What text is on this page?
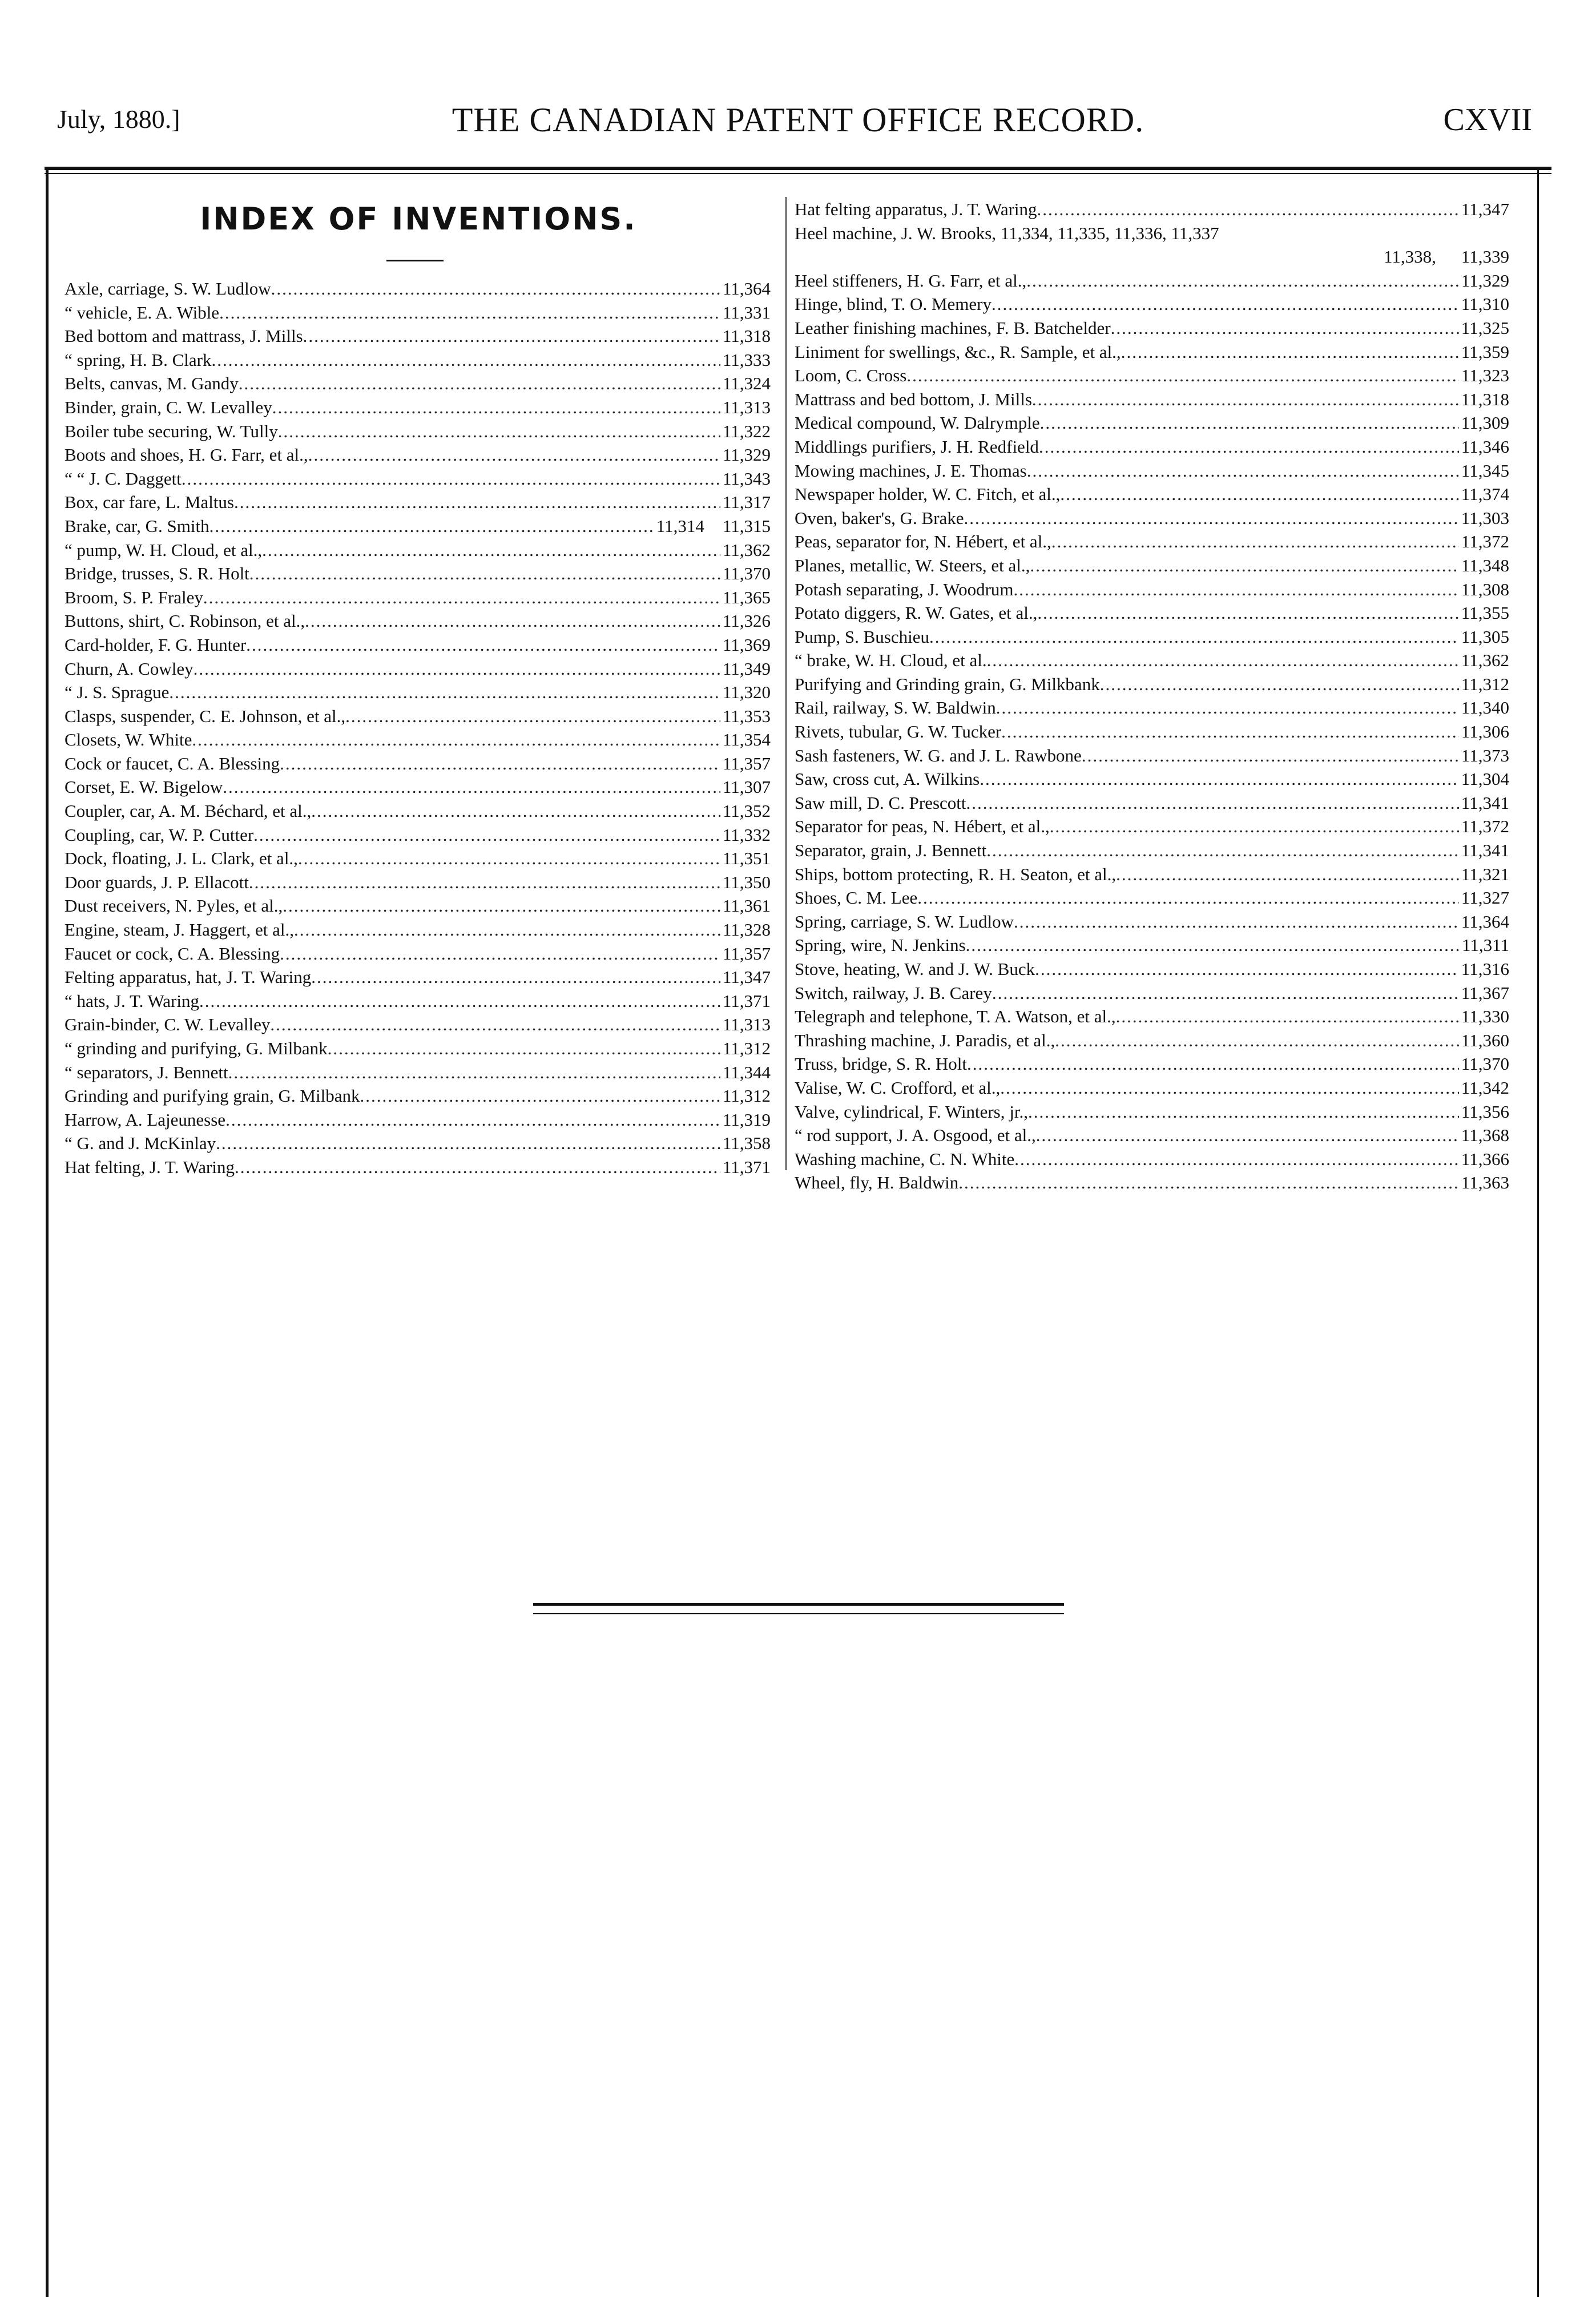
July, 1880.]	THE CANADIAN PATENT OFFICE RECORD.	CXVII
INDEX OF INVENTIONS.
Axle, carriage, S. W. Ludlow .....	11,364
“ vehicle, E. A. Wible .....	11,331
Bed bottom and mattrass, J. Mills .....	11,318
“ spring, H. B. Clark .....	11,333
Belts, canvas, M. Gandy .....	11,324
Binder, grain, C. W. Levalley .....	11,313
Boiler tube securing, W. Tully .....	11,322
Boots and shoes, H. G. Farr, et al., .....	11,329
“ “ J. C. Daggett .....	11,343
Box, car fare, L. Maltus .....	11,317
Brake, car, G. Smith .....	11,314	11,315
“ pump, W. H. Cloud, et al., .....	11,362
Bridge, trusses, S. R. Holt .....	11,370
Broom, S. P. Fraley .....	11,365
Buttons, shirt, C. Robinson, et al., .....	11,326
Card-holder, F. G. Hunter .....	11,369
Churn, A. Cowley .....	11,349
“ J. S. Sprague .....	11,320
Clasps, suspender, C. E. Johnson, et al., .....	11,353
Closets, W. White .....	11,354
Cock or faucet, C. A. Blessing .....	11,357
Corset, E. W. Bigelow .....	11,307
Coupler, car, A. M. Béchard, et al., .....	11,352
Coupling, car, W. P. Cutter .....	11,332
Dock, floating, J. L. Clark, et al., .....	11,351
Door guards, J. P. Ellacott .....	11,350
Dust receivers, N. Pyles, et al., .....	11,361
Engine, steam, J. Haggert, et al., .....	11,328
Faucet or cock, C. A. Blessing .....	11,357
Felting apparatus, hat, J. T. Waring .....	11,347
“ hats, J. T. Waring .....	11,371
Grain-binder, C. W. Levalley .....	11,313
“ grinding and purifying, G. Milbank .....	11,312
“ separators, J. Bennett .....	11,344
Grinding and purifying grain, G. Milbank .....	11,312
Harrow, A. Lajeunesse .....	11,319
“ G. and J. McKinlay .....	11,358
Hat felting, J. T. Waring .....	11,371
Hat felting apparatus, J. T. Waring .....	11,347
Heel machine, J. W. Brooks, 11,334, 11,335, 11,336, 11,337
11,338, 11,339
Heel stiffeners, H. G. Farr, et al., .....	11,329
Hinge, blind, T. O. Memery .....	11,310
Leather finishing machines, F. B. Batchelder .....	11,325
Liniment for swellings, &c., R. Sample, et al., .....	11,359
Loom, C. Cross .....	11,323
Mattrass and bed bottom, J. Mills .....	11,318
Medical compound, W. Dalrymple .....	11,309
Middlings purifiers, J. H. Redfield .....	11,346
Mowing machines, J. E. Thomas .....	11,345
Newspaper holder, W. C. Fitch, et al., .....	11,374
Oven, baker's, G. Brake .....	11,303
Peas, separator for, N. Hébert, et al., .....	11,372
Planes, metallic, W. Steers, et al., .....	11,348
Potash separating, J. Woodrum .....	11,308
Potato diggers, R. W. Gates, et al., .....	11,355
Pump, S. Buschieu .....	11,305
“ brake, W. H. Cloud, et al. .....	11,362
Purifying and Grinding grain, G. Milkbank .....	11,312
Rail, railway, S. W. Baldwin .....	11,340
Rivets, tubular, G. W. Tucker .....	11,306
Sash fasteners, W. G. and J. L. Rawbone .....	11,373
Saw, cross cut, A. Wilkins .....	11,304
Saw mill, D. C. Prescott .....	11,341
Separator for peas, N. Hébert, et al., .....	11,372
Separator, grain, J. Bennett .....	11,341
Ships, bottom protecting, R. H. Seaton, et al., .....	11,321
Shoes, C. M. Lee .....	11,327
Spring, carriage, S. W. Ludlow .....	11,364
Spring, wire, N. Jenkins .....	11,311
Stove, heating, W. and J. W. Buck .....	11,316
Switch, railway, J. B. Carey .....	11,367
Telegraph and telephone, T. A. Watson, et al., .....	11,330
Thrashing machine, J. Paradis, et al., .....	11,360
Truss, bridge, S. R. Holt .....	11,370
Valise, W. C. Crofford, et al., .....	11,342
Valve, cylindrical, F. Winters, jr., .....	11,356
“ rod support, J. A. Osgood, et al., .....	11,368
Washing machine, C. N. White .....	11,366
Wheel, fly, H. Baldwin .....	11,363
